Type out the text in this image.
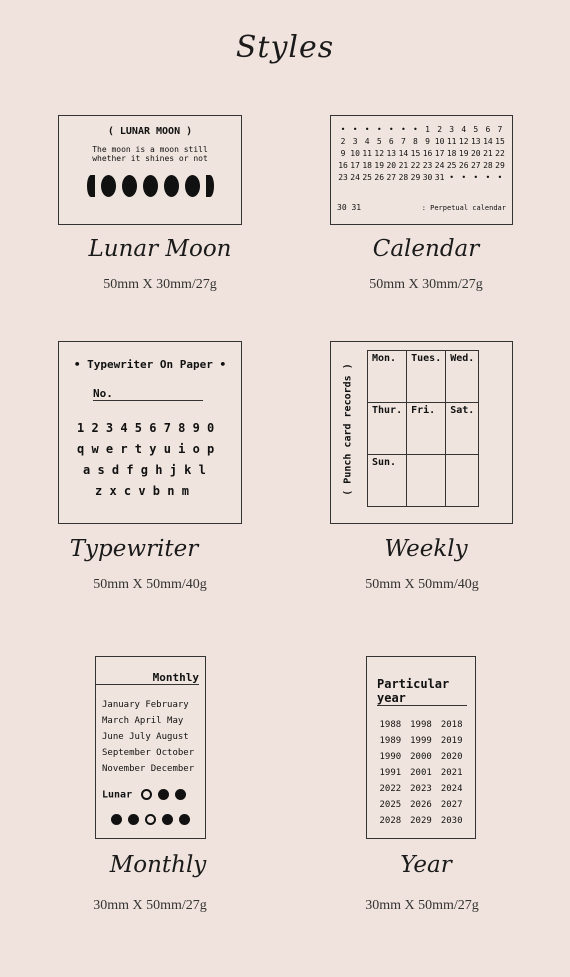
Styles
( LUNAR MOON )
The moon is a moon still
whether it shines or not
Lunar Moon
50mm X 30mm/27g
• • • • • • • 1 2 3 4 5 6 7
2 3 4 5 6 7 8 9 10 11 12 13 14 15
9 10 11 12 13 14 15 16 17 18 19 20 21 22
16 17 18 19 20 21 22 23 24 25 26 27 28 29
23 24 25 26 27 28 29 30 31 • • • • •
30 31	: Perpetual calendar
Calendar
50mm X 30mm/27g
• Typewriter On Paper •
No.
1 2 3 4 5 6 7 8 9 0
q w e r t y u i o p
a s d f g h j k l
z x c v b n m
Typewriter
50mm X 50mm/40g
( Punch card records )
Mon.	Tues.	Wed.
Thur.	Fri.	Sat.
Sun.		
Weekly
50mm X 50mm/40g
Monthly
January February
March April May
June July August
September October
November December
Lunar
Monthly
30mm X 50mm/27g
Particular
year
1988 1998 2018
1989 1999 2019
1990 2000 2020
1991 2001 2021
2022 2023 2024
2025 2026 2027
2028 2029 2030
Year
30mm X 50mm/27g
